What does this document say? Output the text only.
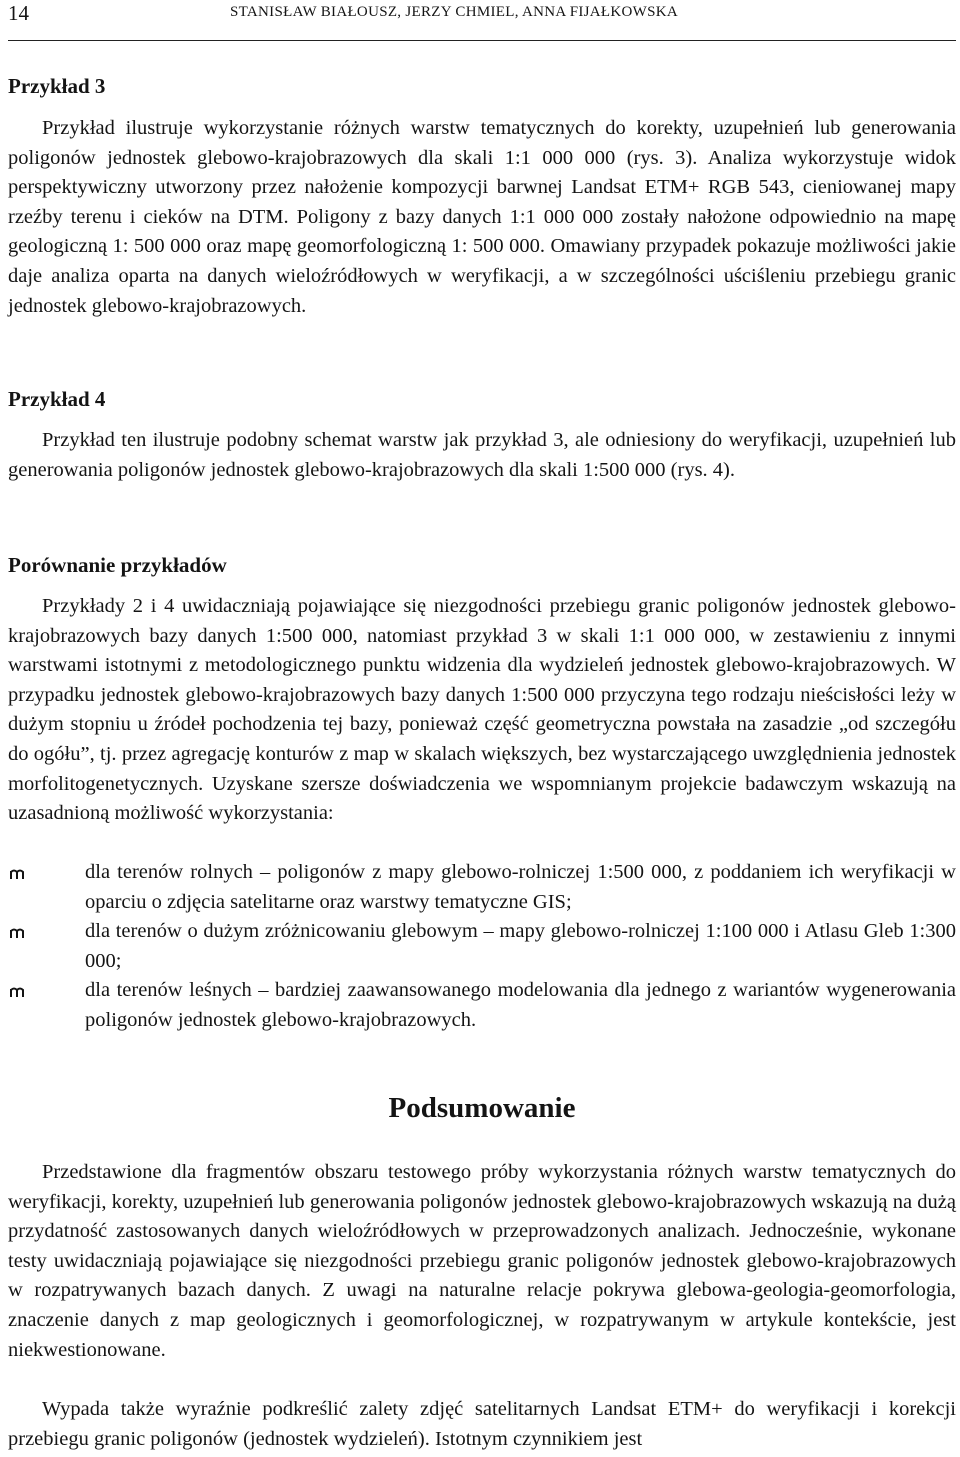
14	STANISŁAW BIAŁOUSZ, JERZY CHMIEL, ANNA FIJAŁKOWSKA
Przykład 3

Przykład ilustruje wykorzystanie różnych warstw tematycznych do korekty, uzupełnień lub generowania poligonów jednostek glebowo-krajobrazowych dla skali 1:1 000 000 (rys. 3). Analiza wykorzystuje widok perspektywiczny utworzony przez nałożenie kompozycji barwnej Landsat ETM+ RGB 543, cieniowanej mapy rzeźby terenu i cieków na DTM. Poligony z bazy danych 1:1 000 000 zostały nałożone odpowiednio na mapę geologiczną 1: 500 000 oraz mapę geomorfologiczną 1: 500 000. Omawiany przypadek pokazuje możliwości jakie daje analiza oparta na danych wieloźródłowych w weryfikacji, a w szczególności uściśleniu przebiegu granic jednostek glebowo-krajobrazowych.

Przykład 4

Przykład ten ilustruje podobny schemat warstw jak przykład 3, ale odniesiony do weryfikacji, uzupełnień lub generowania poligonów jednostek glebowo-krajobrazowych dla skali 1:500 000 (rys. 4).

Porównanie przykładów

Przykłady 2 i 4 uwidaczniają pojawiające się niezgodności przebiegu granic poligonów jednostek glebowo-krajobrazowych bazy danych 1:500 000, natomiast przykład 3 w skali 1:1 000 000, w zestawieniu z innymi warstwami istotnymi z metodologicznego punktu widzenia dla wydzieleń jednostek glebowo-krajobrazowych. W przypadku jednostek glebowo-krajobrazowych bazy danych 1:500 000 przyczyna tego rodzaju nieścisłości leży w dużym stopniu u źródeł pochodzenia tej bazy, ponieważ część geometryczna powstała na zasadzie „od szczegółu do ogółu”, tj. przez agregację konturów z map w skalach większych, bez wystarczającego uwzględnienia jednostek morfolitogenetycznych. Uzyskane szersze doświadczenia we wspomnianym projekcie badawczym wskazują na uzasadnioną możliwość wykorzystania:

dla terenów rolnych – poligonów z mapy glebowo-rolniczej 1:500 000, z poddaniem ich weryfikacji w oparciu o zdjęcia satelitarne oraz warstwy tematyczne GIS;
dla terenów o dużym zróżnicowaniu glebowym – mapy glebowo-rolniczej 1:100 000 i Atlasu Gleb 1:300 000;
dla terenów leśnych – bardziej zaawansowanego modelowania dla jednego z wariantów wygenerowania poligonów jednostek glebowo-krajobrazowych.
Podsumowanie

Przedstawione dla fragmentów obszaru testowego próby wykorzystania różnych warstw tematycznych do weryfikacji, korekty, uzupełnień lub generowania poligonów jednostek glebowo-krajobrazowych wskazują na dużą przydatność zastosowanych danych wieloźródłowych w przeprowadzonych analizach. Jednocześnie, wykonane testy uwidaczniają pojawiające się niezgodności przebiegu granic poligonów jednostek glebowo-krajobrazowych w rozpatrywanych bazach danych. Z uwagi na naturalne relacje pokrywa glebowa-geologia-geomorfologia, znaczenie danych z map geologicznych i geomorfologicznej, w rozpatrywanym w artykule kontekście, jest niekwestionowane.

Wypada także wyraźnie podkreślić zalety zdjęć satelitarnych Landsat ETM+ do weryfikacji i korekcji przebiegu granic poligonów (jednostek wydzieleń). Istotnym czynnikiem jest
